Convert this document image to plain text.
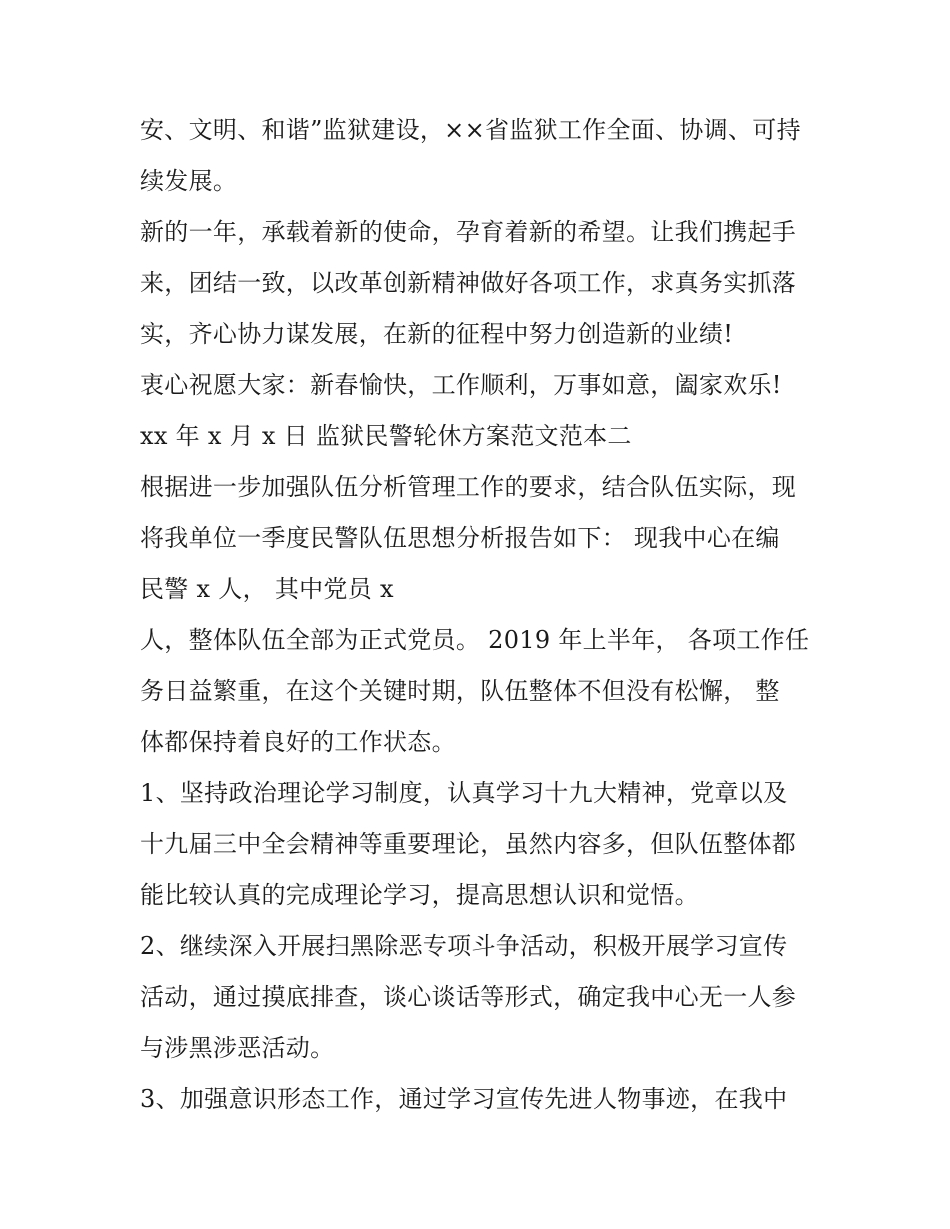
安、文明、和谐”监狱建设，××省监狱工作全面、协调、可持
续发展。
新的一年，承载着新的使命，孕育着新的希望。让我们携起手
来，团结一致，以改革创新精神做好各项工作，求真务实抓落
实，齐心协力谋发展，在新的征程中努力创造新的业绩!
衷心祝愿大家：新春愉快，工作顺利，万事如意，阖家欢乐!
xx 年 x 月 x 日 监狱民警轮休方案范文范本二
根据进一步加强队伍分析管理工作的要求，结合队伍实际，现
将我单位一季度民警队伍思想分析报告如下： 现我中心在编
民警 x 人， 其中党员 x
人，整体队伍全部为正式党员。 2019 年上半年， 各项工作任
务日益繁重，在这个关键时期，队伍整体不但没有松懈， 整
体都保持着良好的工作状态。
1、坚持政治理论学习制度，认真学习十九大精神，党章以及
十九届三中全会精神等重要理论，虽然内容多，但队伍整体都
能比较认真的完成理论学习，提高思想认识和觉悟。
2、继续深入开展扫黑除恶专项斗争活动，积极开展学习宣传
活动，通过摸底排查，谈心谈话等形式，确定我中心无一人参
与涉黑涉恶活动。
3、加强意识形态工作，通过学习宣传先进人物事迹，在我中
